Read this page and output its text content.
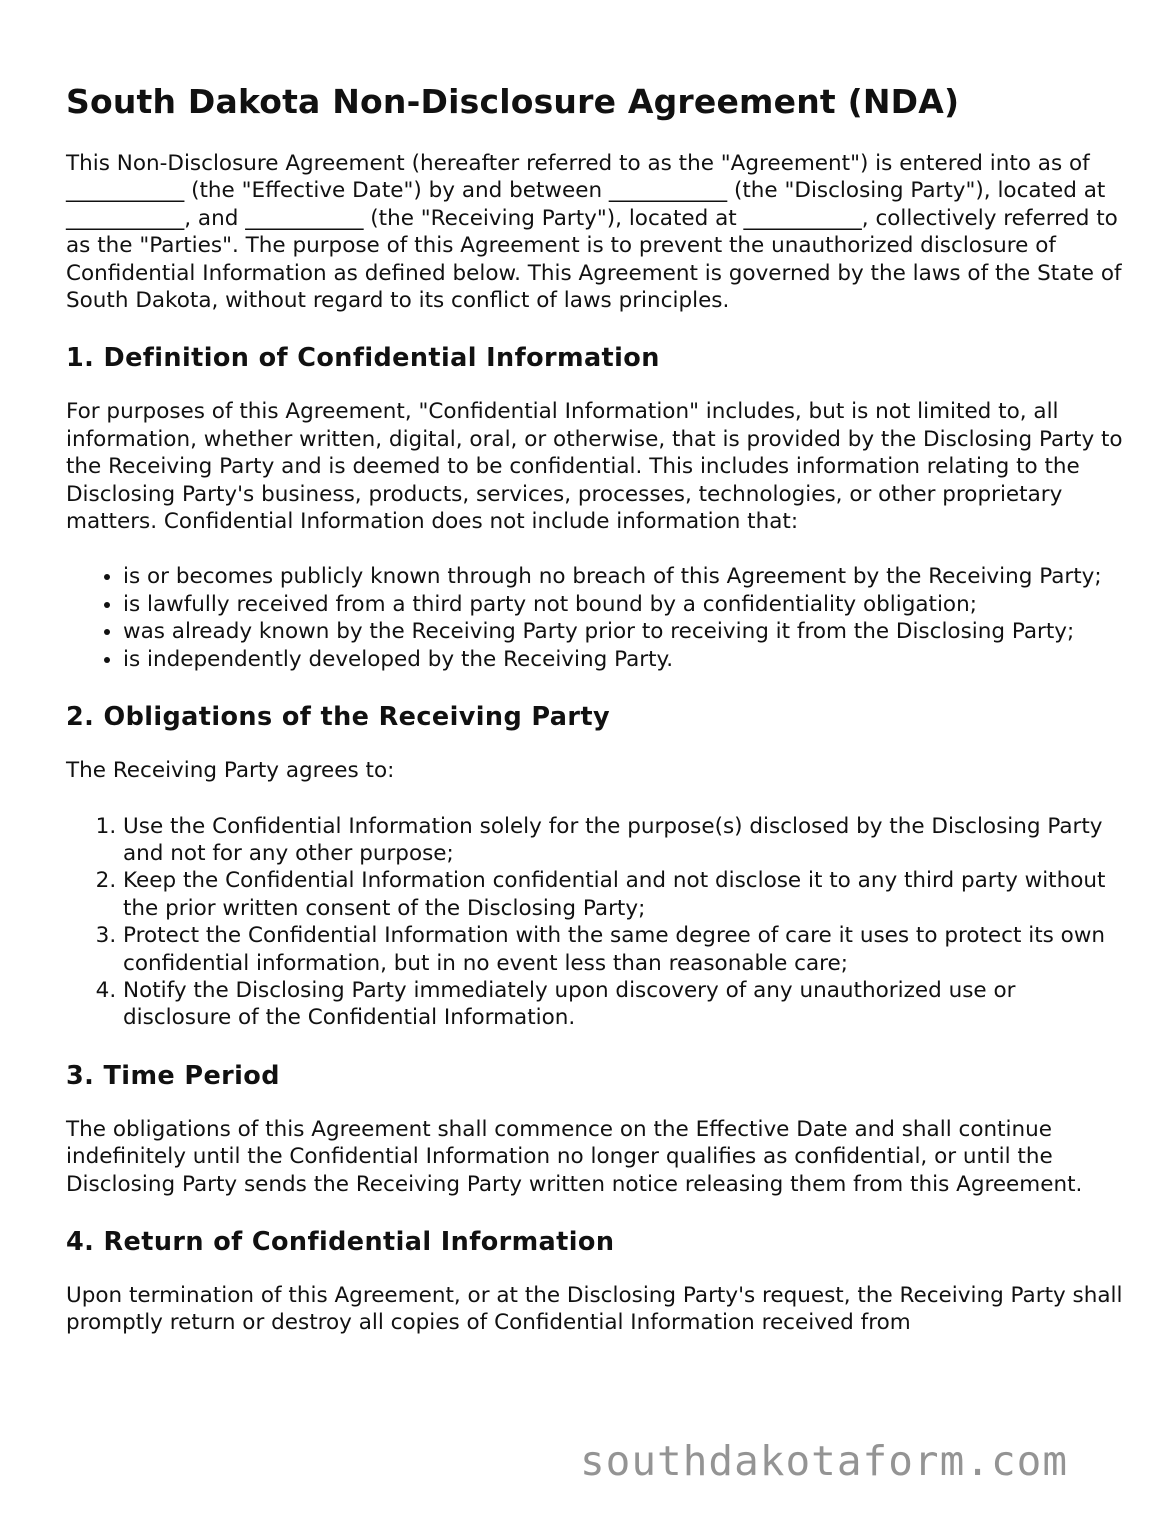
South Dakota Non-Disclosure Agreement (NDA)

This Non-Disclosure Agreement (hereafter referred to as the "Agreement") is entered into as of ___________ (the "Effective Date") by and between ___________ (the "Disclosing Party"), located at ___________, and ___________ (the "Receiving Party"), located at ___________, collectively referred to as the "Parties". The purpose of this Agreement is to prevent the unauthorized disclosure of Confidential Information as defined below. This Agreement is governed by the laws of the State of South Dakota, without regard to its conflict of laws principles.

1. Definition of Confidential Information

For purposes of this Agreement, "Confidential Information" includes, but is not limited to, all information, whether written, digital, oral, or otherwise, that is provided by the Disclosing Party to the Receiving Party and is deemed to be confidential. This includes information relating to the Disclosing Party's business, products, services, processes, technologies, or other proprietary matters. Confidential Information does not include information that:

• is or becomes publicly known through no breach of this Agreement by the Receiving Party;
• is lawfully received from a third party not bound by a confidentiality obligation;
• was already known by the Receiving Party prior to receiving it from the Disclosing Party;
• is independently developed by the Receiving Party.
2. Obligations of the Receiving Party

The Receiving Party agrees to:

1. Use the Confidential Information solely for the purpose(s) disclosed by the Disclosing Party and not for any other purpose;
2. Keep the Confidential Information confidential and not disclose it to any third party without the prior written consent of the Disclosing Party;
3. Protect the Confidential Information with the same degree of care it uses to protect its own confidential information, but in no event less than reasonable care;
4. Notify the Disclosing Party immediately upon discovery of any unauthorized use or disclosure of the Confidential Information.
3. Time Period

The obligations of this Agreement shall commence on the Effective Date and shall continue indefinitely until the Confidential Information no longer qualifies as confidential, or until the Disclosing Party sends the Receiving Party written notice releasing them from this Agreement.

4. Return of Confidential Information

Upon termination of this Agreement, or at the Disclosing Party's request, the Receiving Party shall promptly return or destroy all copies of Confidential Information received from

southdakotaform.com
